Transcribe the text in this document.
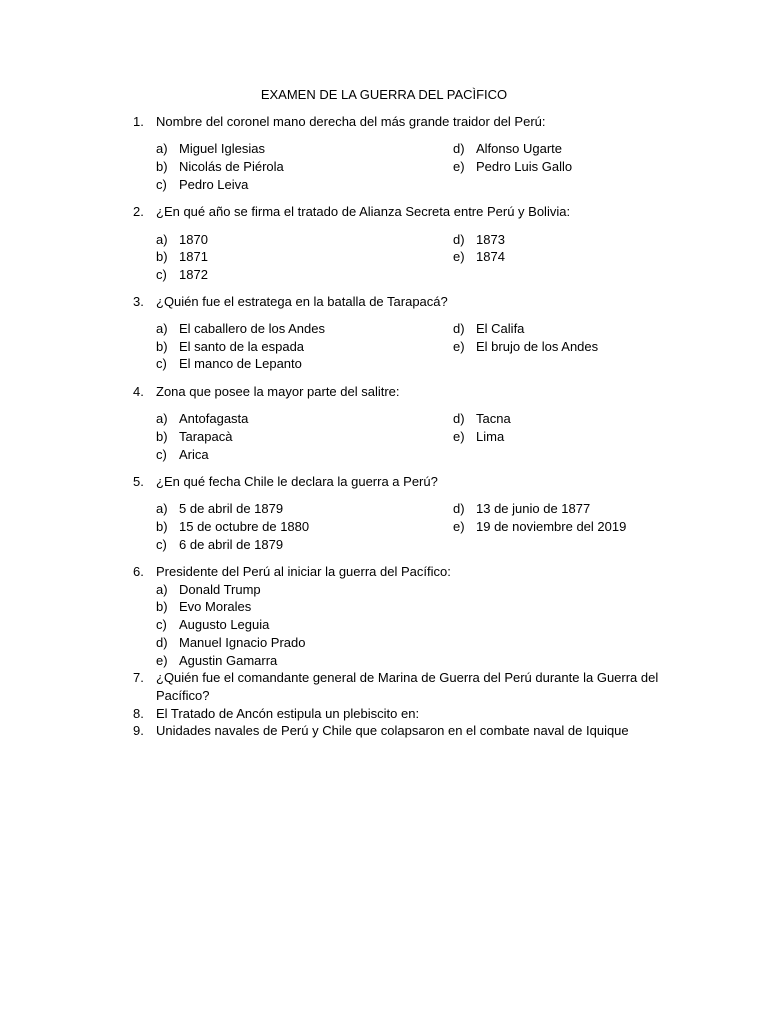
EXAMEN DE LA GUERRA DEL PACÌFICO
1. Nombre del coronel mano derecha del más grande traidor del Perú:
a) Miguel Iglesias
b) Nicolás de Piérola
c) Pedro Leiva
d) Alfonso Ugarte
e) Pedro Luis Gallo
2. ¿En qué año se firma el tratado de Alianza Secreta entre Perú y Bolivia:
a) 1870
b) 1871
c) 1872
d) 1873
e) 1874
3. ¿Quién fue el estratega en la batalla de Tarapacá?
a) El caballero de los Andes
b) El santo de la espada
c) El manco de Lepanto
d) El Califa
e) El brujo de los Andes
4. Zona que posee la mayor parte del salitre:
a) Antofagasta
b) Tarapacà
c) Arica
d) Tacna
e) Lima
5. ¿En qué fecha Chile le declara la guerra a Perú?
a) 5 de abril de 1879
b) 15 de octubre de 1880
c) 6 de abril de 1879
d) 13 de junio de 1877
e) 19 de noviembre del 2019
6. Presidente del Perú al iniciar la guerra del Pacífico:
a) Donald Trump
b) Evo Morales
c) Augusto Leguia
d) Manuel Ignacio Prado
e) Agustin Gamarra
7. ¿Quién fue el comandante general de Marina de Guerra del Perú durante la Guerra del Pacífico?
8. El Tratado de Ancón estipula un plebiscito en:
9. Unidades navales de Perú y Chile que colapsaron en el combate naval de Iquique
